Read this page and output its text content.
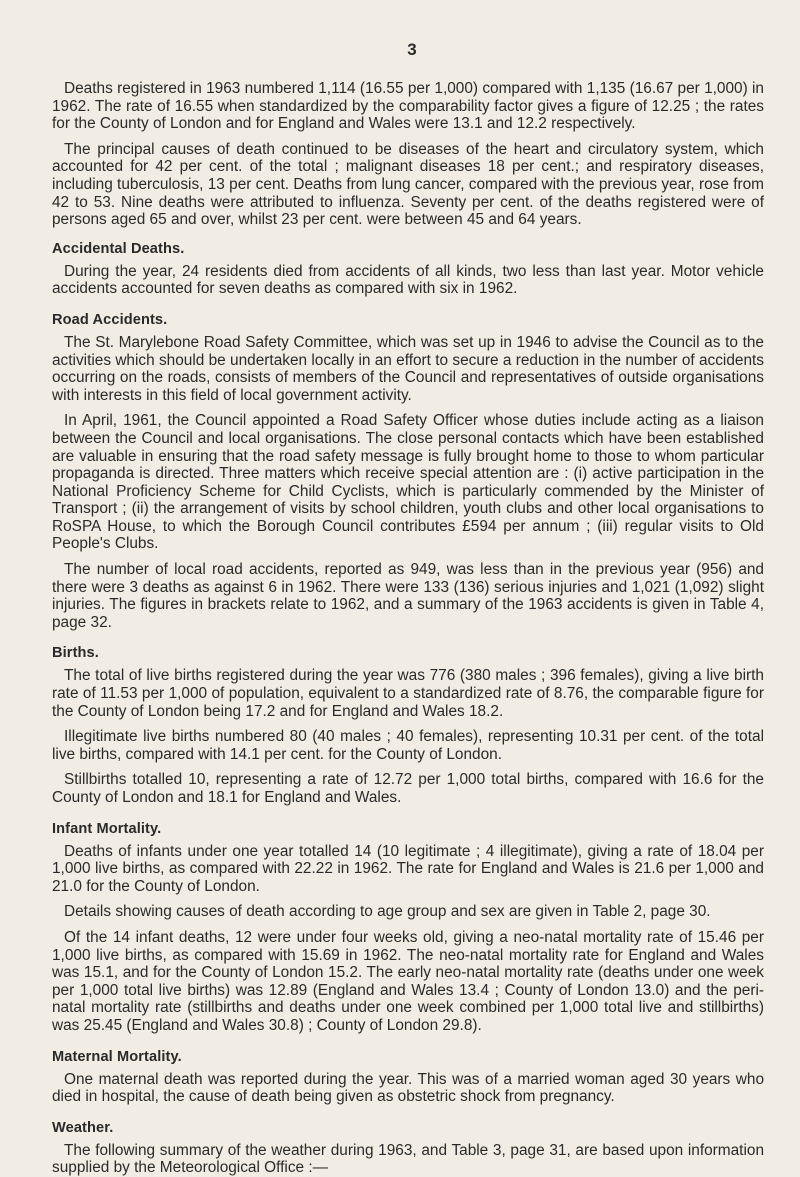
3

Deaths registered in 1963 numbered 1,114 (16.55 per 1,000) compared with 1,135 (16.67 per 1,000) in 1962. The rate of 16.55 when standardized by the comparability factor gives a figure of 12.25 ; the rates for the County of London and for England and Wales were 13.1 and 12.2 respectively.

The principal causes of death continued to be diseases of the heart and circulatory system, which accounted for 42 per cent. of the total ; malignant diseases 18 per cent.; and respiratory diseases, including tuberculosis, 13 per cent. Deaths from lung cancer, compared with the previous year, rose from 42 to 53. Nine deaths were attributed to influenza. Seventy per cent. of the deaths registered were of persons aged 65 and over, whilst 23 per cent. were between 45 and 64 years.

Accidental Deaths.

During the year, 24 residents died from accidents of all kinds, two less than last year. Motor vehicle accidents accounted for seven deaths as compared with six in 1962.

Road Accidents.

The St. Marylebone Road Safety Committee, which was set up in 1946 to advise the Council as to the activities which should be undertaken locally in an effort to secure a reduction in the number of accidents occurring on the roads, consists of members of the Council and representatives of outside organisations with interests in this field of local government activity.

In April, 1961, the Council appointed a Road Safety Officer whose duties include acting as a liaison between the Council and local organisations. The close personal contacts which have been established are valuable in ensuring that the road safety message is fully brought home to those to whom particular propaganda is directed. Three matters which receive special attention are : (i) active participation in the National Proficiency Scheme for Child Cyclists, which is particularly commended by the Minister of Transport ; (ii) the arrangement of visits by school children, youth clubs and other local organisations to RoSPA House, to which the Borough Council contributes £594 per annum ; (iii) regular visits to Old People's Clubs.

The number of local road accidents, reported as 949, was less than in the previous year (956) and there were 3 deaths as against 6 in 1962. There were 133 (136) serious injuries and 1,021 (1,092) slight injuries. The figures in brackets relate to 1962, and a summary of the 1963 accidents is given in Table 4, page 32.

Births.

The total of live births registered during the year was 776 (380 males ; 396 females), giving a live birth rate of 11.53 per 1,000 of population, equivalent to a standardized rate of 8.76, the comparable figure for the County of London being 17.2 and for England and Wales 18.2.

Illegitimate live births numbered 80 (40 males ; 40 females), representing 10.31 per cent. of the total live births, compared with 14.1 per cent. for the County of London.

Stillbirths totalled 10, representing a rate of 12.72 per 1,000 total births, compared with 16.6 for the County of London and 18.1 for England and Wales.

Infant Mortality.

Deaths of infants under one year totalled 14 (10 legitimate ; 4 illegitimate), giving a rate of 18.04 per 1,000 live births, as compared with 22.22 in 1962. The rate for England and Wales is 21.6 per 1,000 and 21.0 for the County of London.

Details showing causes of death according to age group and sex are given in Table 2, page 30.

Of the 14 infant deaths, 12 were under four weeks old, giving a neo-natal mortality rate of 15.46 per 1,000 live births, as compared with 15.69 in 1962. The neo-natal mortality rate for England and Wales was 15.1, and for the County of London 15.2. The early neo-natal mortality rate (deaths under one week per 1,000 total live births) was 12.89 (England and Wales 13.4 ; County of London 13.0) and the peri-natal mortality rate (stillbirths and deaths under one week combined per 1,000 total live and stillbirths) was 25.45 (England and Wales 30.8) ; County of London 29.8).

Maternal Mortality.

One maternal death was reported during the year. This was of a married woman aged 30 years who died in hospital, the cause of death being given as obstetric shock from pregnancy.

Weather.

The following summary of the weather during 1963, and Table 3, page 31, are based upon information supplied by the Meteorological Office :—
